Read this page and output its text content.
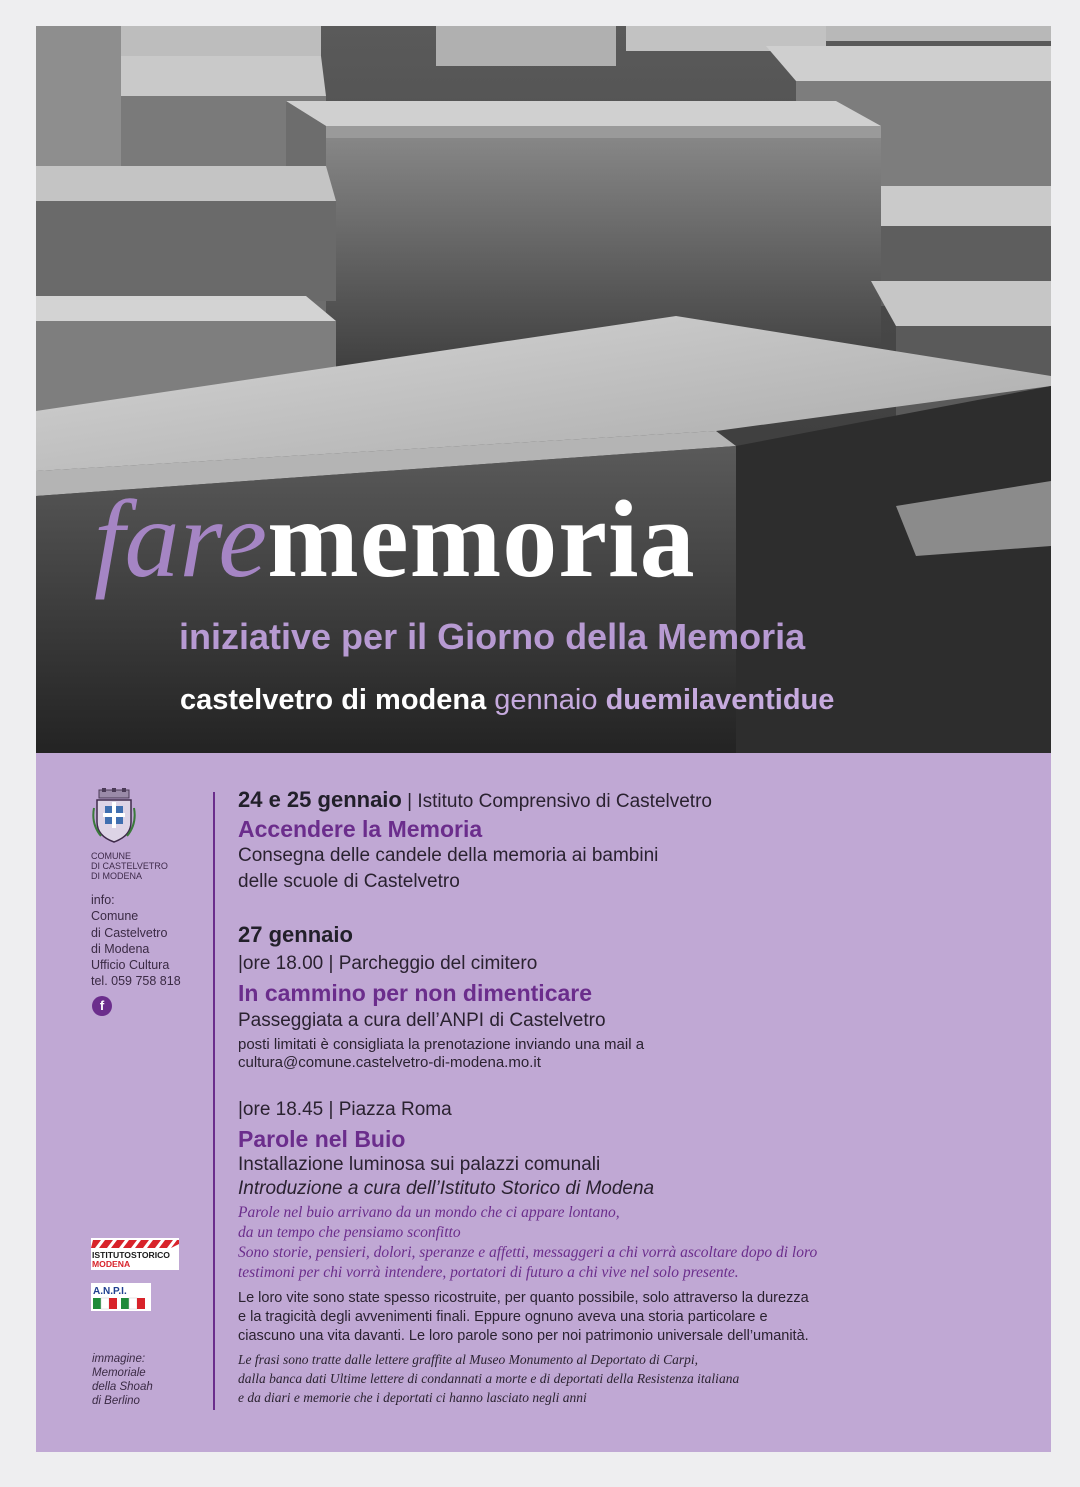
farememoria
iniziative per il Giorno della Memoria
castelvetro di modena gennaio duemilaventidue
COMUNE
DI CASTELVETRO
DI MODENA
info:
Comune
di Castelvetro
di Modena
Ufficio Cultura
tel. 059 758 818
f
ISTITUTOSTORICO
MODENA
A.N.P.I.
immagine:
Memoriale
della Shoah
di Berlino
24 e 25 gennaio | Istituto Comprensivo di Castelvetro
Accendere la Memoria
Consegna delle candele della memoria ai bambini
delle scuole di Castelvetro
27 gennaio
|ore 18.00 | Parcheggio del cimitero
In cammino per non dimenticare
Passeggiata a cura dell’ANPI di Castelvetro
posti limitati è consigliata la prenotazione inviando una mail a
cultura@comune.castelvetro-di-modena.mo.it
|ore 18.45 | Piazza Roma
Parole nel Buio
Installazione luminosa sui palazzi comunali
Introduzione a cura dell’Istituto Storico di Modena
Parole nel buio arrivano da un mondo che ci appare lontano,
da un tempo che pensiamo sconfitto
Sono storie, pensieri, dolori, speranze e affetti, messaggeri a chi vorrà ascoltare dopo di loro
testimoni per chi vorrà intendere, portatori di futuro a chi vive nel solo presente.
Le loro vite sono state spesso ricostruite, per quanto possibile, solo attraverso la durezza
e la tragicità degli avvenimenti finali. Eppure ognuno aveva una storia particolare e
ciascuno una vita davanti. Le loro parole sono per noi patrimonio universale dell’umanità.
Le frasi sono tratte dalle lettere graffite al Museo Monumento al Deportato di Carpi,
dalla banca dati Ultime lettere di condannati a morte e di deportati della Resistenza italiana
e da diari e memorie che i deportati ci hanno lasciato negli anni
